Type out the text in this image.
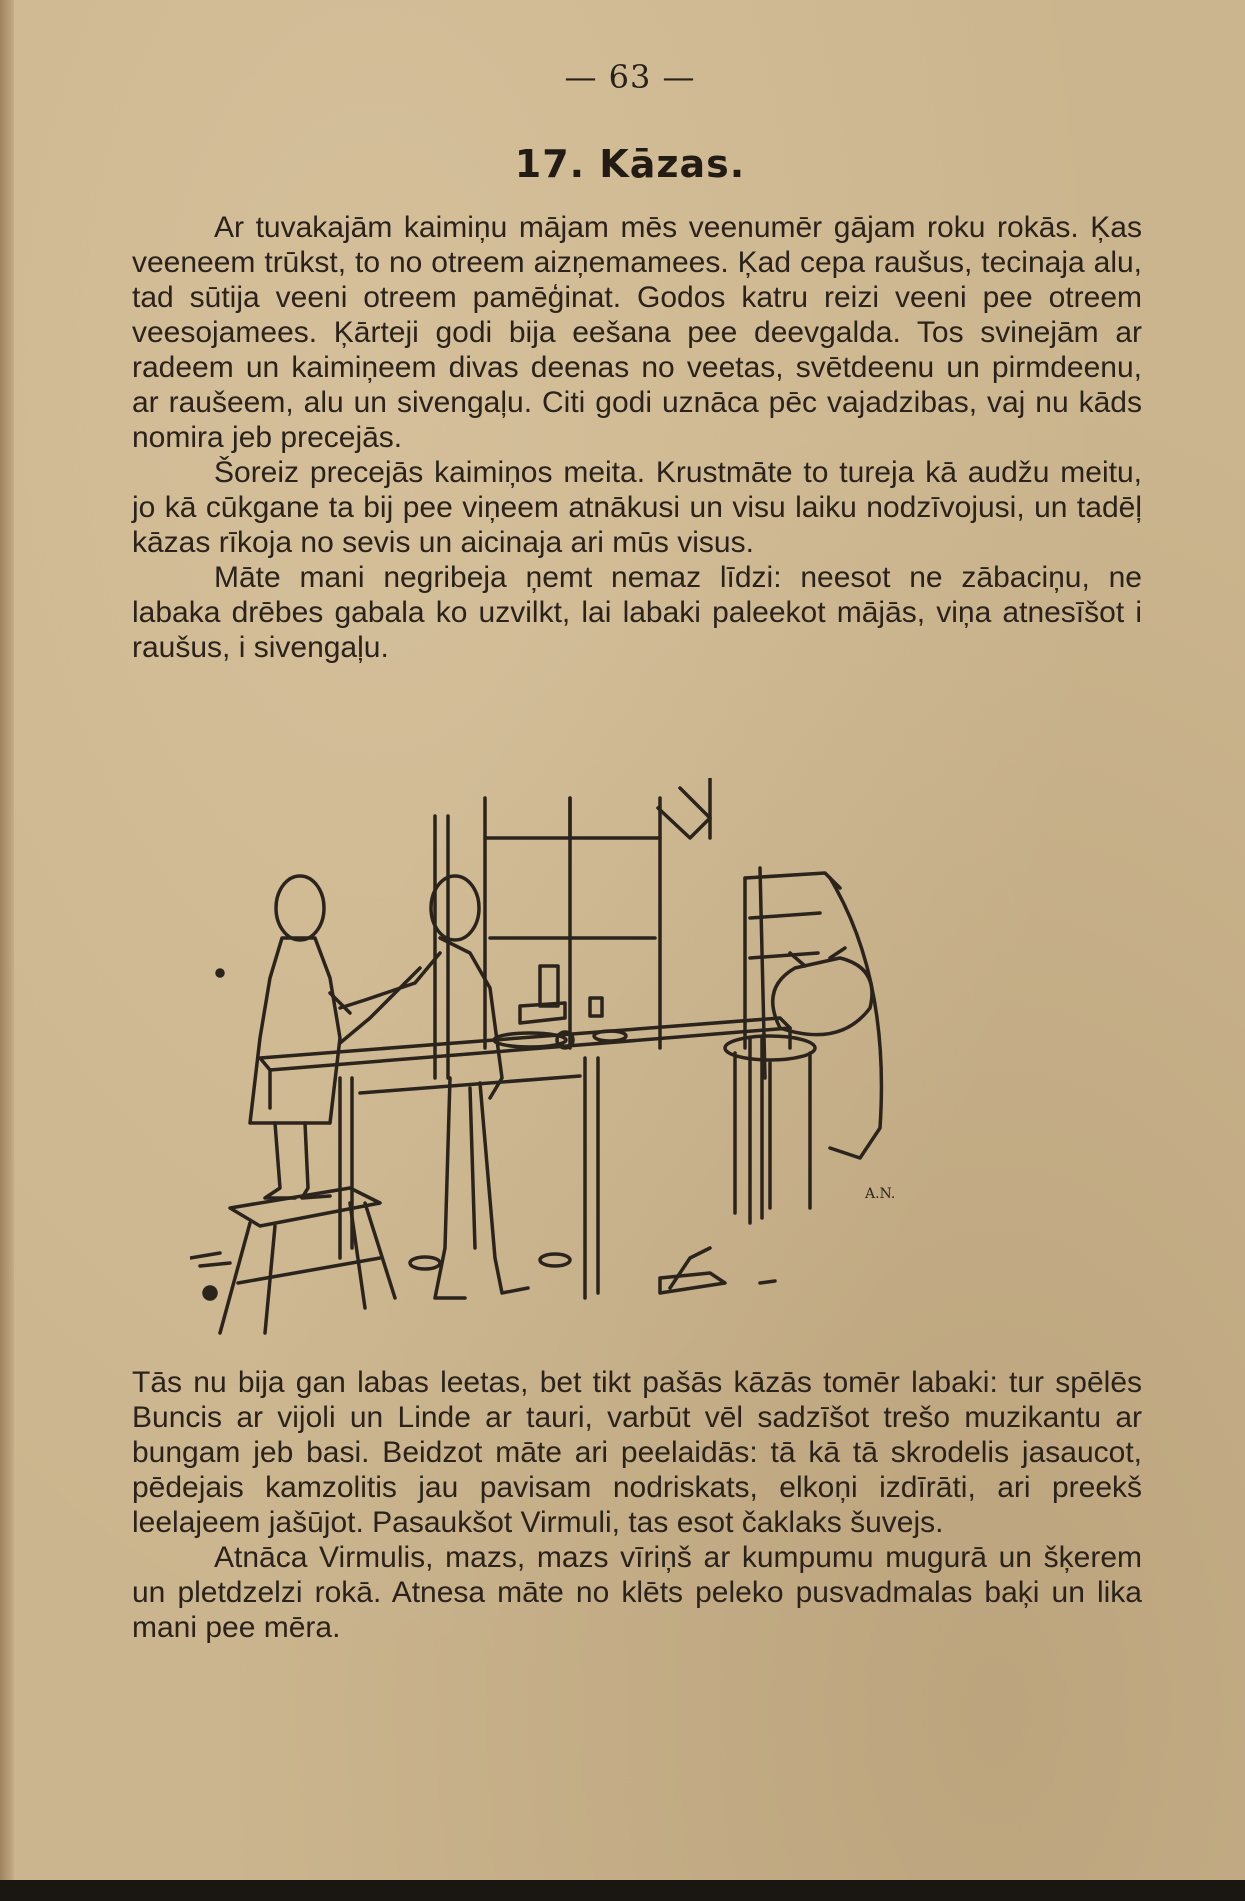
— 63 —
17. Kāzas.

Ar tuvakajām kaimiņu mājam mēs veenumēr gājam roku rokās. Ķas veeneem trūkst, to no otreem aizņemamees. Ķad cepa raušus, tecinaja alu, tad sūtija veeni otreem pamēģinat. Godos katru reizi veeni pee otreem veesojamees. Ķārteji godi bija eešana pee deevgalda. Tos svinejām ar radeem un kaimiņeem divas deenas no veetas, svētdeenu un pirmdeenu, ar raušeem, alu un sivengaļu. Citi godi uznāca pēc vajadzibas, vaj nu kāds nomira jeb precejās.

Šoreiz precejās kaimiņos meita. Krustmāte to tureja kā audžu meitu, jo kā cūkgane ta bij pee viņeem atnākusi un visu laiku nodzīvojusi, un tadēļ kāzas rīkoja no sevis un aicinaja ari mūs visus.

Māte mani negribeja ņemt nemaz līdzi: neesot ne zābaciņu, ne labaka drēbes gabala ko uzvilkt, lai labaki paleekot mājās, viņa atnesīšot i raušus, i sivengaļu.

A.N.

Tās nu bija gan labas leetas, bet tikt pašās kāzās tomēr labaki: tur spēlēs Buncis ar vijoli un Linde ar tauri, varbūt vēl sadzīšot trešo muzikantu ar bungam jeb basi. Beidzot māte ari peelaidās: tā kā tā skrodelis jasaucot, pēdejais kamzolitis jau pavisam nodriskats, elkoņi izdīrāti, ari preekš leelajeem jašūjot. Pasaukšot Virmuli, tas esot čaklaks šuvejs.

Atnāca Virmulis, mazs, mazs vīriņš ar kumpumu mugurā un šķerem un pletdzelzi rokā. Atnesa māte no klēts peleko pusvadmalas baķi un lika mani pee mēra.
